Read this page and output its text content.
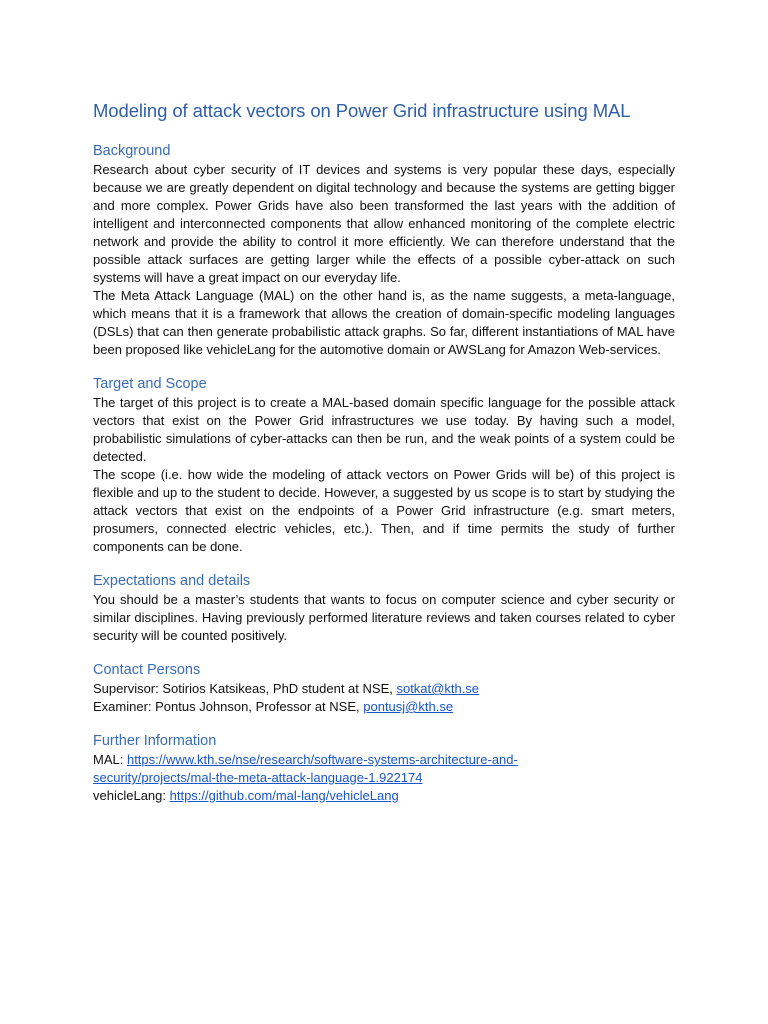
Modeling of attack vectors on Power Grid infrastructure using MAL
Background

Research about cyber security of IT devices and systems is very popular these days, especially because we are greatly dependent on digital technology and because the systems are getting bigger and more complex. Power Grids have also been transformed the last years with the addition of intelligent and interconnected components that allow enhanced monitoring of the complete electric network and provide the ability to control it more efficiently. We can therefore understand that the possible attack surfaces are getting larger while the effects of a possible cyber-attack on such systems will have a great impact on our everyday life.

The Meta Attack Language (MAL) on the other hand is, as the name suggests, a meta-language, which means that it is a framework that allows the creation of domain-specific modeling languages (DSLs) that can then generate probabilistic attack graphs. So far, different instantiations of MAL have been proposed like vehicleLang for the automotive domain or AWSLang for Amazon Web-services.

Target and Scope

The target of this project is to create a MAL-based domain specific language for the possible attack vectors that exist on the Power Grid infrastructures we use today. By having such a model, probabilistic simulations of cyber-attacks can then be run, and the weak points of a system could be detected.

The scope (i.e. how wide the modeling of attack vectors on Power Grids will be) of this project is flexible and up to the student to decide. However, a suggested by us scope is to start by studying the attack vectors that exist on the endpoints of a Power Grid infrastructure (e.g. smart meters, prosumers, connected electric vehicles, etc.). Then, and if time permits the study of further components can be done.

Expectations and details

You should be a master’s students that wants to focus on computer science and cyber security or similar disciplines. Having previously performed literature reviews and taken courses related to cyber security will be counted positively.

Contact Persons

Supervisor: Sotirios Katsikeas, PhD student at NSE, sotkat@kth.se

Examiner: Pontus Johnson, Professor at NSE, pontusj@kth.se

Further Information

MAL: https://www.kth.se/nse/research/software-systems-architecture-and-

security/projects/mal-the-meta-attack-language-1.922174

vehicleLang: https://github.com/mal-lang/vehicleLang
